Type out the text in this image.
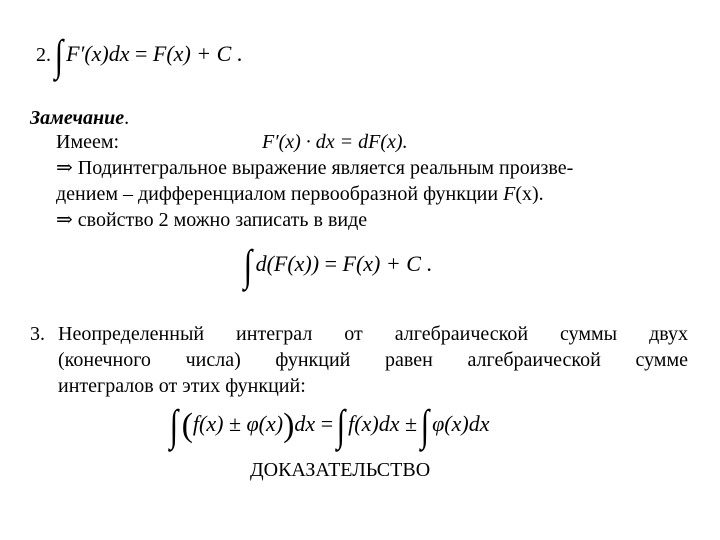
2. ∫ F′(x)dx = F(x) + C .
Замечание.
Имеем:	F′(x) · dx = dF(x).
⇒ Подинтегральное выражение является реальным произве-
дением – дифференциалом первообразной функции F(x).
⇒ свойство 2 можно записать в виде
∫ d(F(x)) = F(x) + C .
3. Неопределенный интеграл от алгебраической суммы двух
(конечного числа) функций равен алгебраической сумме
интегралов от этих функций:
∫ (f(x) ± φ(x))dx = ∫ f(x)dx ± ∫ φ(x)dx
ДОКАЗАТЕЛЬСТВО
